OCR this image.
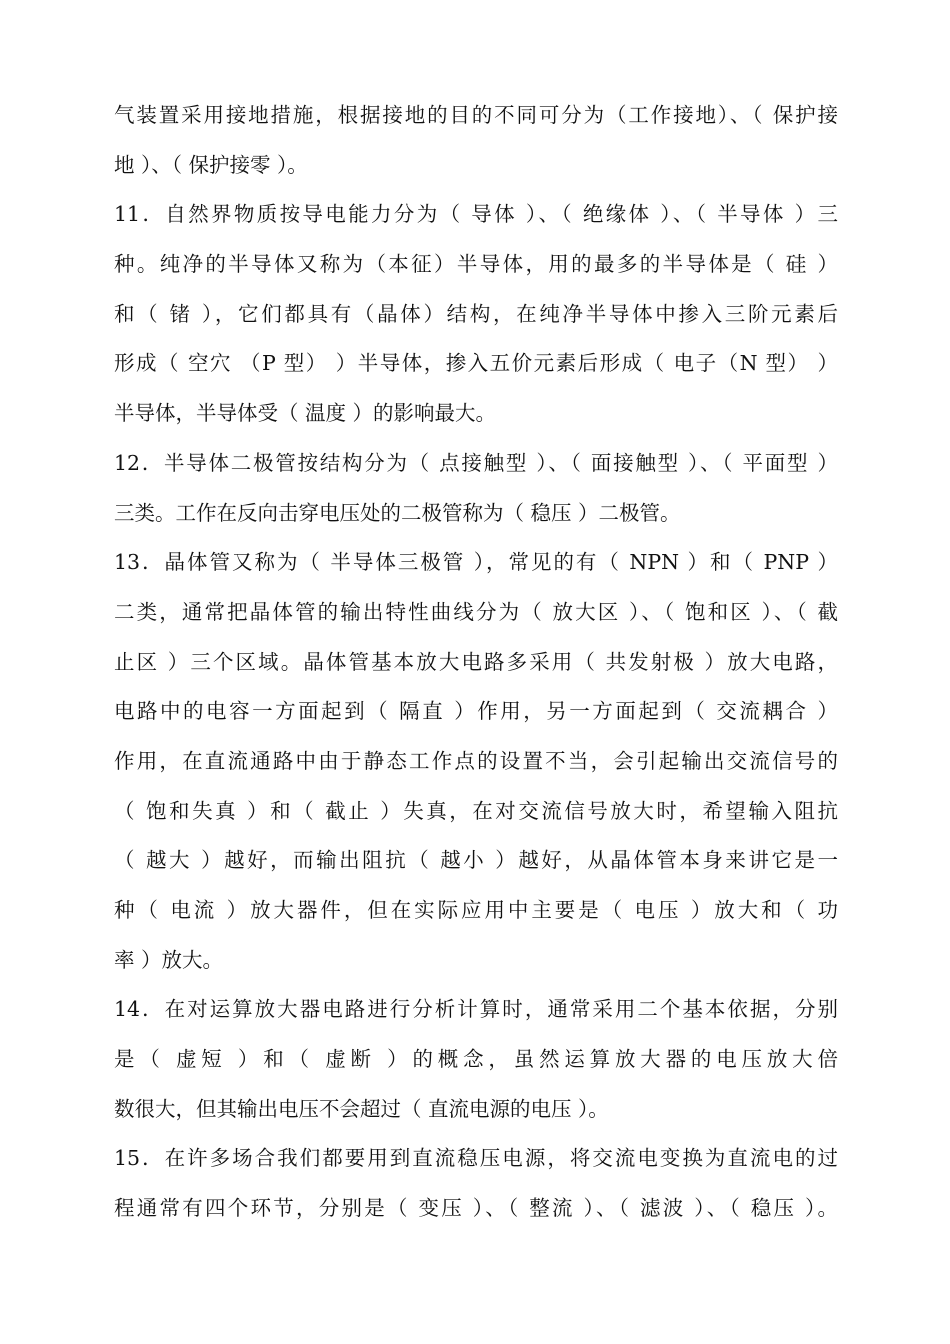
气装置采用接地措施，根据接地的目的不同可分为（工作接地）、（ 保护接
地 ）、（ 保护接零 ）。
11．自然界物质按导电能力分为（ 导体 ）、（ 绝缘体 ）、（ 半导体 ）三
种。纯净的半导体又称为（本征）半导体，用的最多的半导体是（ 硅 ）
和（ 锗 ），它们都具有（晶体）结构，在纯净半导体中掺入三阶元素后
形成（ 空穴 （P 型） ）半导体，掺入五价元素后形成（ 电子（N 型） ）
半导体，半导体受（ 温度 ）的影响最大。
12．半导体二极管按结构分为（ 点接触型 ）、（ 面接触型 ）、（ 平面型 ）
三类。工作在反向击穿电压处的二极管称为（ 稳压 ）二极管。
13．晶体管又称为（ 半导体三极管 ），常见的有（ NPN ）和（ PNP ）
二类，通常把晶体管的输出特性曲线分为（ 放大区 ）、（ 饱和区 ）、（ 截
止区 ）三个区域。晶体管基本放大电路多采用（ 共发射极 ）放大电路，
电路中的电容一方面起到（ 隔直 ）作用，另一方面起到（ 交流耦合 ）
作用，在直流通路中由于静态工作点的设置不当，会引起输出交流信号的
（ 饱和失真 ）和（ 截止 ）失真，在对交流信号放大时，希望输入阻抗
（ 越大 ）越好，而输出阻抗（ 越小 ）越好，从晶体管本身来讲它是一
种（ 电流 ）放大器件，但在实际应用中主要是（ 电压 ）放大和（ 功
率 ）放大。
14．在对运算放大器电路进行分析计算时，通常采用二个基本依据，分别
是（ 虚短 ）和（ 虚断 ）的概念，虽然运算放大器的电压放大倍
数很大，但其输出电压不会超过（ 直流电源的电压 ）。
15．在许多场合我们都要用到直流稳压电源，将交流电变换为直流电的过
程通常有四个环节，分别是（ 变压 ）、（ 整流 ）、（ 滤波 ）、（ 稳压 ）。
